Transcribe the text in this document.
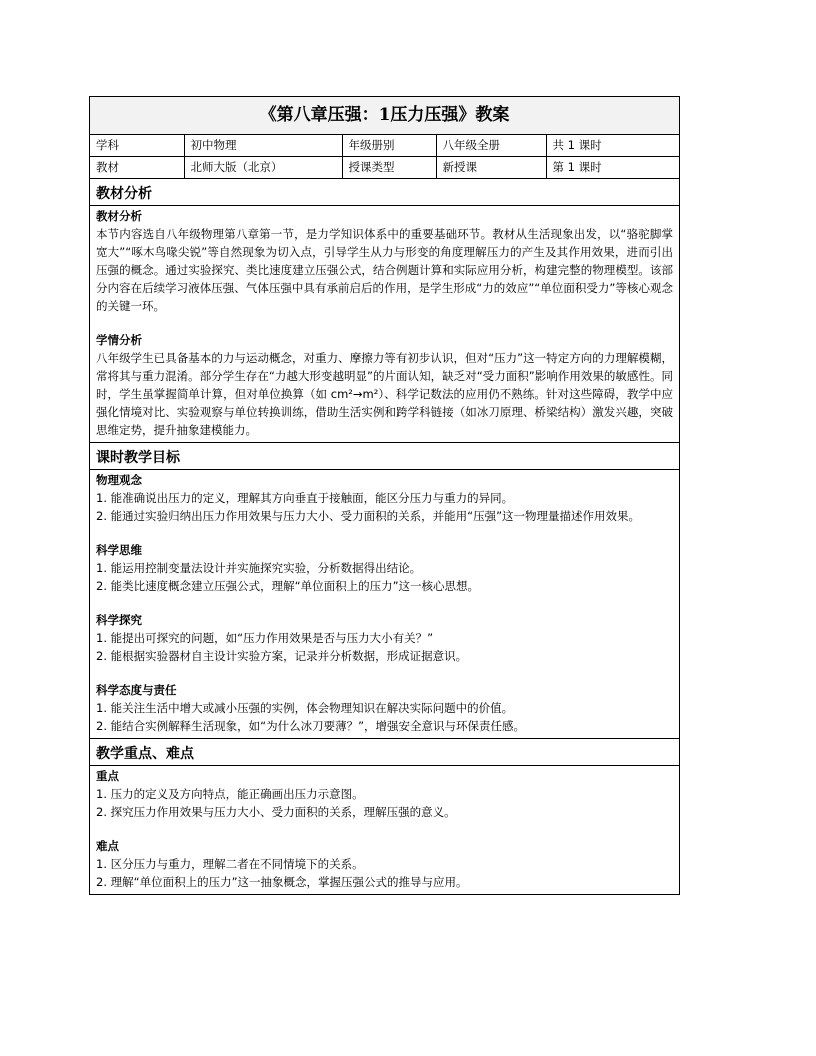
《第八章压强：1压力压强》教案
学科	初中物理	年级册别	八年级全册	共 1 课时
教材	北师大版（北京）	授课类型	新授课	第 1 课时
教材分析
教材分析
本节内容选自八年级物理第八章第一节，是力学知识体系中的重要基础环节。教材从生活现象出发，以“骆驼脚掌宽大”“啄木鸟喙尖锐”等自然现象为切入点，引导学生从力与形变的角度理解压力的产生及其作用效果，进而引出压强的概念。通过实验探究、类比速度建立压强公式，结合例题计算和实际应用分析，构建完整的物理模型。该部分内容在后续学习液体压强、气体压强中具有承前启后的作用，是学生形成“力的效应”“单位面积受力”等核心观念的关键一环。
学情分析
八年级学生已具备基本的力与运动概念，对重力、摩擦力等有初步认识，但对“压力”这一特定方向的力理解模糊，常将其与重力混淆。部分学生存在“力越大形变越明显”的片面认知，缺乏对“受力面积”影响作用效果的敏感性。同时，学生虽掌握简单计算，但对单位换算（如 cm²→m²）、科学记数法的应用仍不熟练。针对这些障碍，教学中应强化情境对比、实验观察与单位转换训练，借助生活实例和跨学科链接（如冰刀原理、桥梁结构）激发兴趣，突破思维定势，提升抽象建模能力。
课时教学目标
物理观念
1. 能准确说出压力的定义，理解其方向垂直于接触面，能区分压力与重力的异同。
2. 能通过实验归纳出压力作用效果与压力大小、受力面积的关系，并能用“压强”这一物理量描述作用效果。
科学思维
1. 能运用控制变量法设计并实施探究实验，分析数据得出结论。
2. 能类比速度概念建立压强公式，理解“单位面积上的压力”这一核心思想。
科学探究
1. 能提出可探究的问题，如“压力作用效果是否与压力大小有关？”
2. 能根据实验器材自主设计实验方案，记录并分析数据，形成证据意识。
科学态度与责任
1. 能关注生活中增大或减小压强的实例，体会物理知识在解决实际问题中的价值。
2. 能结合实例解释生活现象，如“为什么冰刀要薄？”，增强安全意识与环保责任感。
教学重点、难点
重点
1. 压力的定义及方向特点，能正确画出压力示意图。
2. 探究压力作用效果与压力大小、受力面积的关系，理解压强的意义。
难点
1. 区分压力与重力，理解二者在不同情境下的关系。
2. 理解“单位面积上的压力”这一抽象概念，掌握压强公式的推导与应用。
